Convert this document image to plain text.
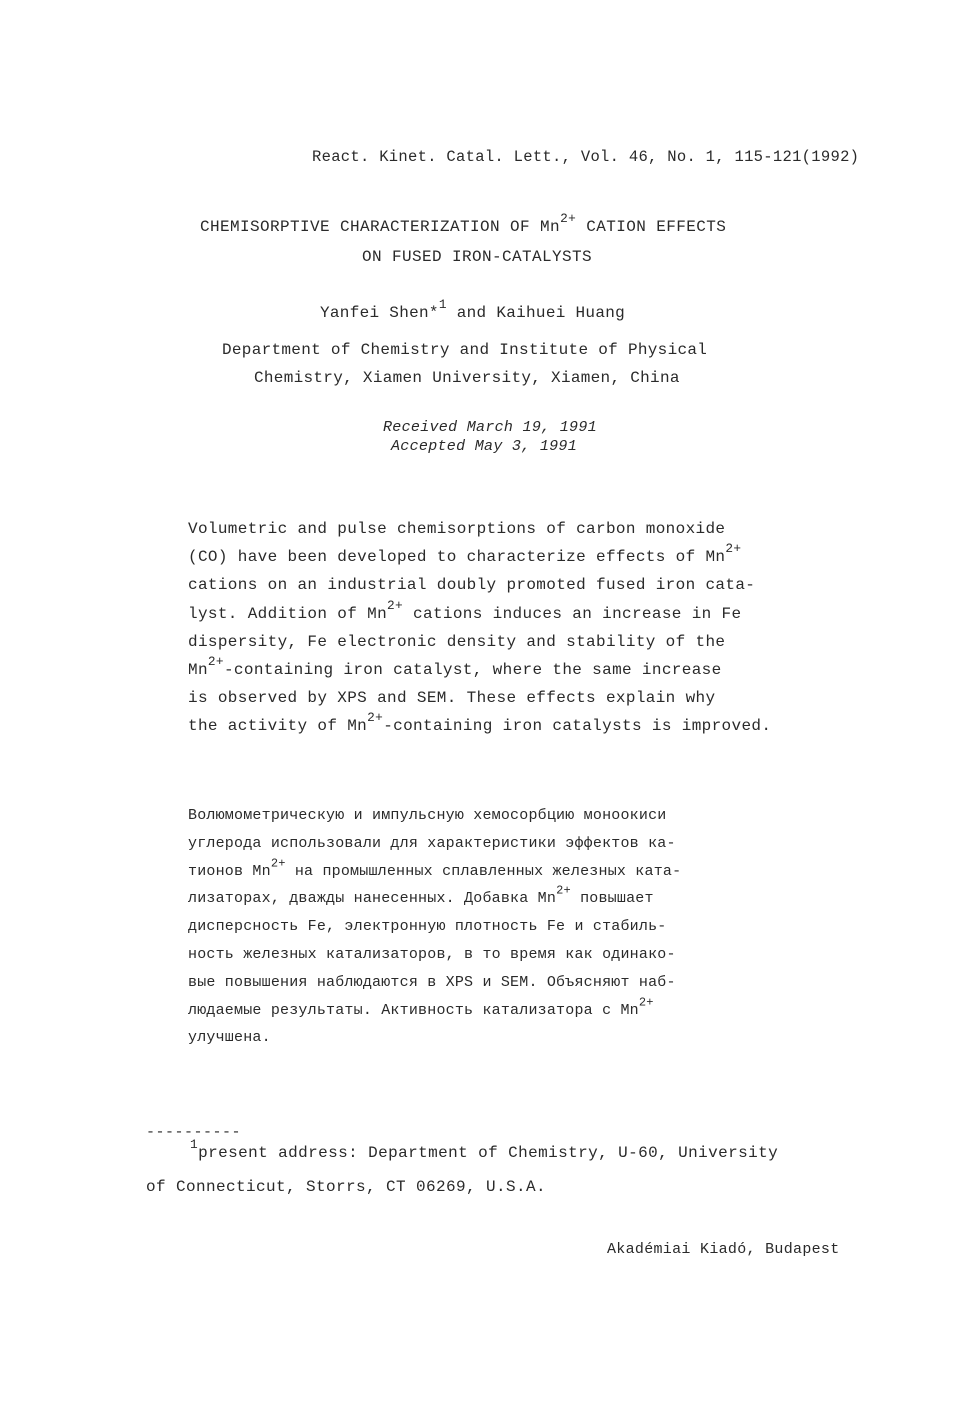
React. Kinet. Catal. Lett., Vol. 46, No. 1, 115-121(1992)
CHEMISORPTIVE CHARACTERIZATION OF $Mn^{2+}$ CATION EFFECTS
ON FUSED IRON-CATALYSTS
Yanfei Shen*$^1$ and Kaihuei Huang
Department of Chemistry and Institute of Physical
Chemistry, Xiamen University, Xiamen, China
Received March 19, 1991
Accepted May 3, 1991
Volumetric and pulse chemisorptions of carbon monoxide
(CO) have been developed to characterize effects of $Mn^{2+}$
cations on an industrial doubly promoted fused iron cata-
lyst. Addition of $Mn^{2+}$ cations induces an increase in Fe
dispersity, Fe electronic density and stability of the
$Mn^{2+}$-containing iron catalyst, where the same increase
is observed by XPS and SEM. These effects explain why
the activity of $Mn^{2+}$-containing iron catalysts is improved.
Волюмометрическую и импульсную хемосорбцию моноокиси
углерода использовали для характеристики эффектов ка-
тионов $Mn^{2+}$ на промышленных сплавленных железных ката-
лизаторах, дважды нанесенных. Добавка $Mn^{2+}$ повышает
дисперсность Fe, электронную плотность Fe и стабиль-
ность железных катализаторов, в то время как одинако-
вые повышения наблюдаются в XPS и SEM. Объясняют наб-
людаемые результаты. Активность катализатора с $Mn^{2+}$
улучшена.
----------
$^1$present address: Department of Chemistry, U-60, University
of Connecticut, Storrs, CT 06269, U.S.A.
Akadémiai Kiadó, Budapest
